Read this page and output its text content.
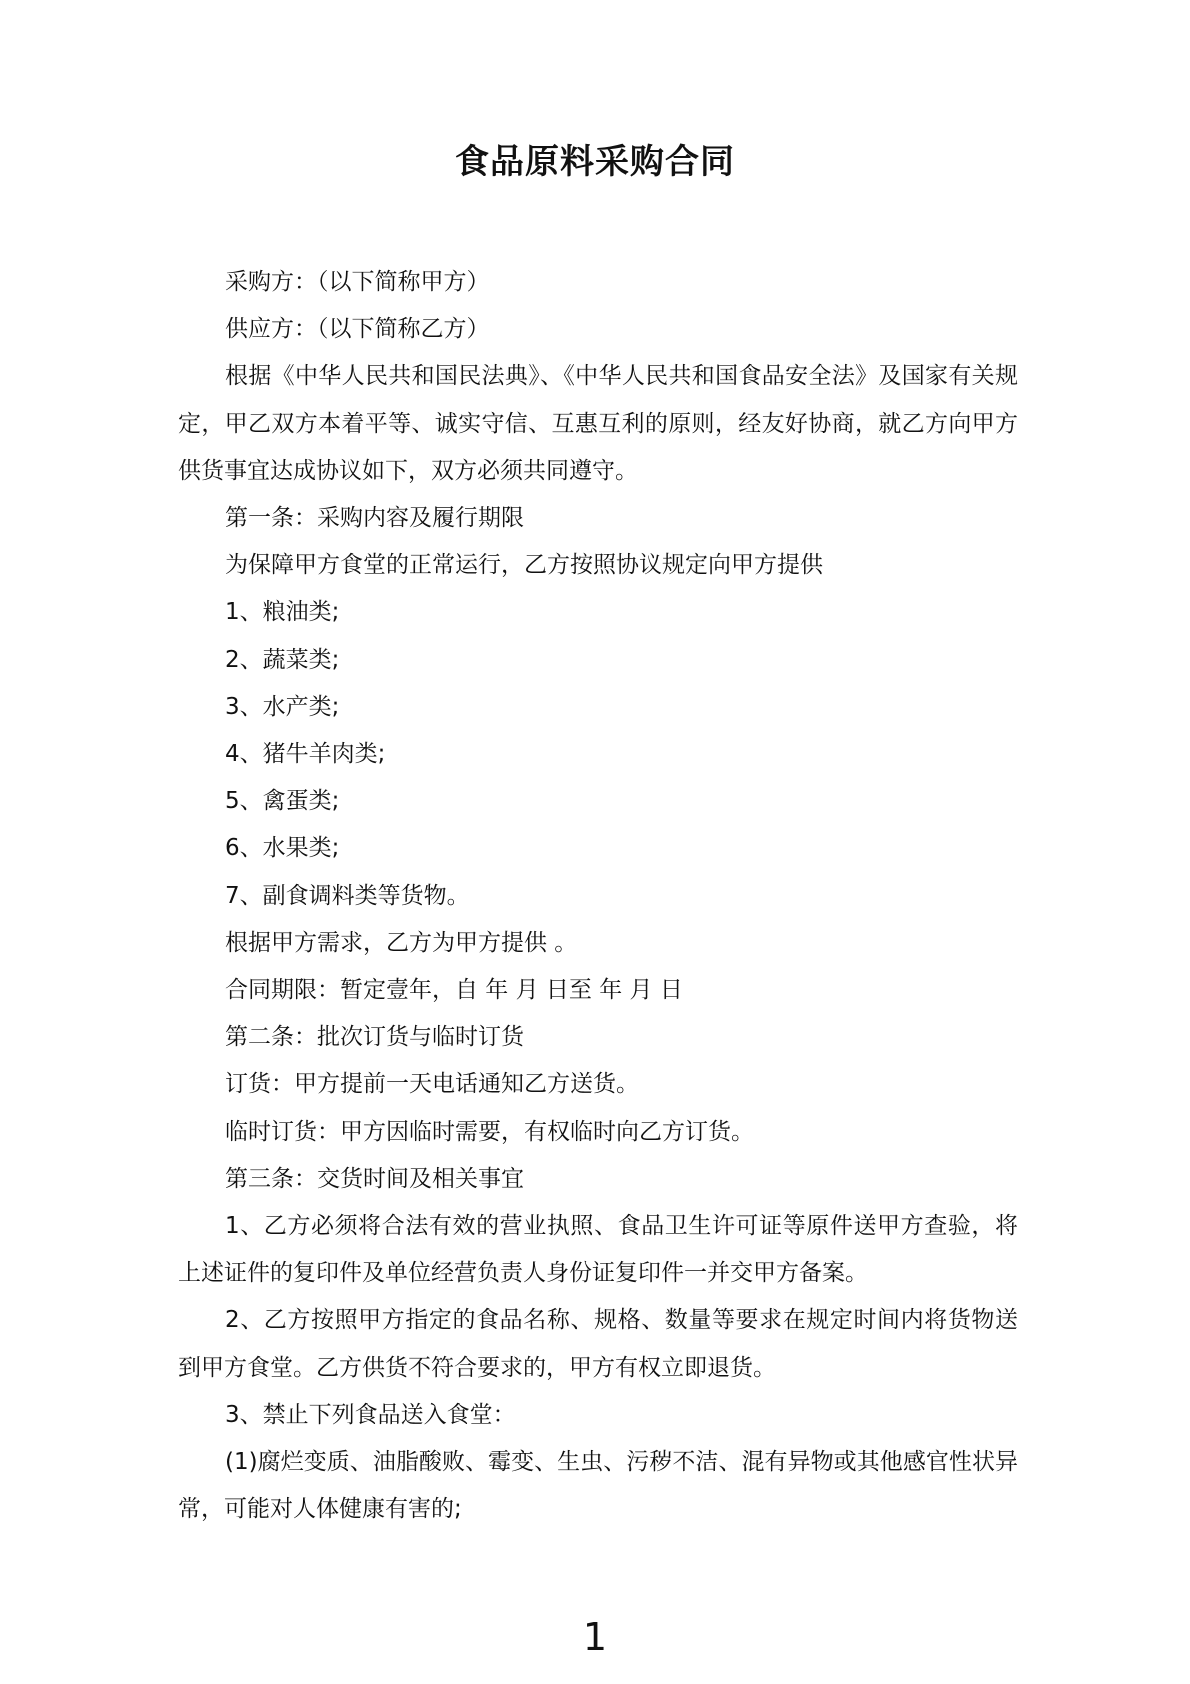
食品原料采购合同

采购方：（以下简称甲方）

供应方：（以下简称乙方）

根据《中华人民共和国民法典》、《中华人民共和国食品安全法》及国家有关规定，甲乙双方本着平等、诚实守信、互惠互利的原则，经友好协商，就乙方向甲方供货事宜达成协议如下，双方必须共同遵守。

第一条：采购内容及履行期限

为保障甲方食堂的正常运行，乙方按照协议规定向甲方提供

1、粮油类;

2、蔬菜类;

3、水产类;

4、猪牛羊肉类;

5、禽蛋类;

6、水果类;

7、副食调料类等货物。

根据甲方需求，乙方为甲方提供 。

合同期限：暂定壹年，自 年 月 日至 年 月 日

第二条：批次订货与临时订货

订货：甲方提前一天电话通知乙方送货。

临时订货：甲方因临时需要，有权临时向乙方订货。

第三条：交货时间及相关事宜

1、乙方必须将合法有效的营业执照、食品卫生许可证等原件送甲方查验，将上述证件的复印件及单位经营负责人身份证复印件一并交甲方备案。

2、乙方按照甲方指定的食品名称、规格、数量等要求在规定时间内将货物送到甲方食堂。乙方供货不符合要求的，甲方有权立即退货。

3、禁止下列食品送入食堂：

(1)腐烂变质、油脂酸败、霉变、生虫、污秽不洁、混有异物或其他感官性状异常，可能对人体健康有害的;

1
